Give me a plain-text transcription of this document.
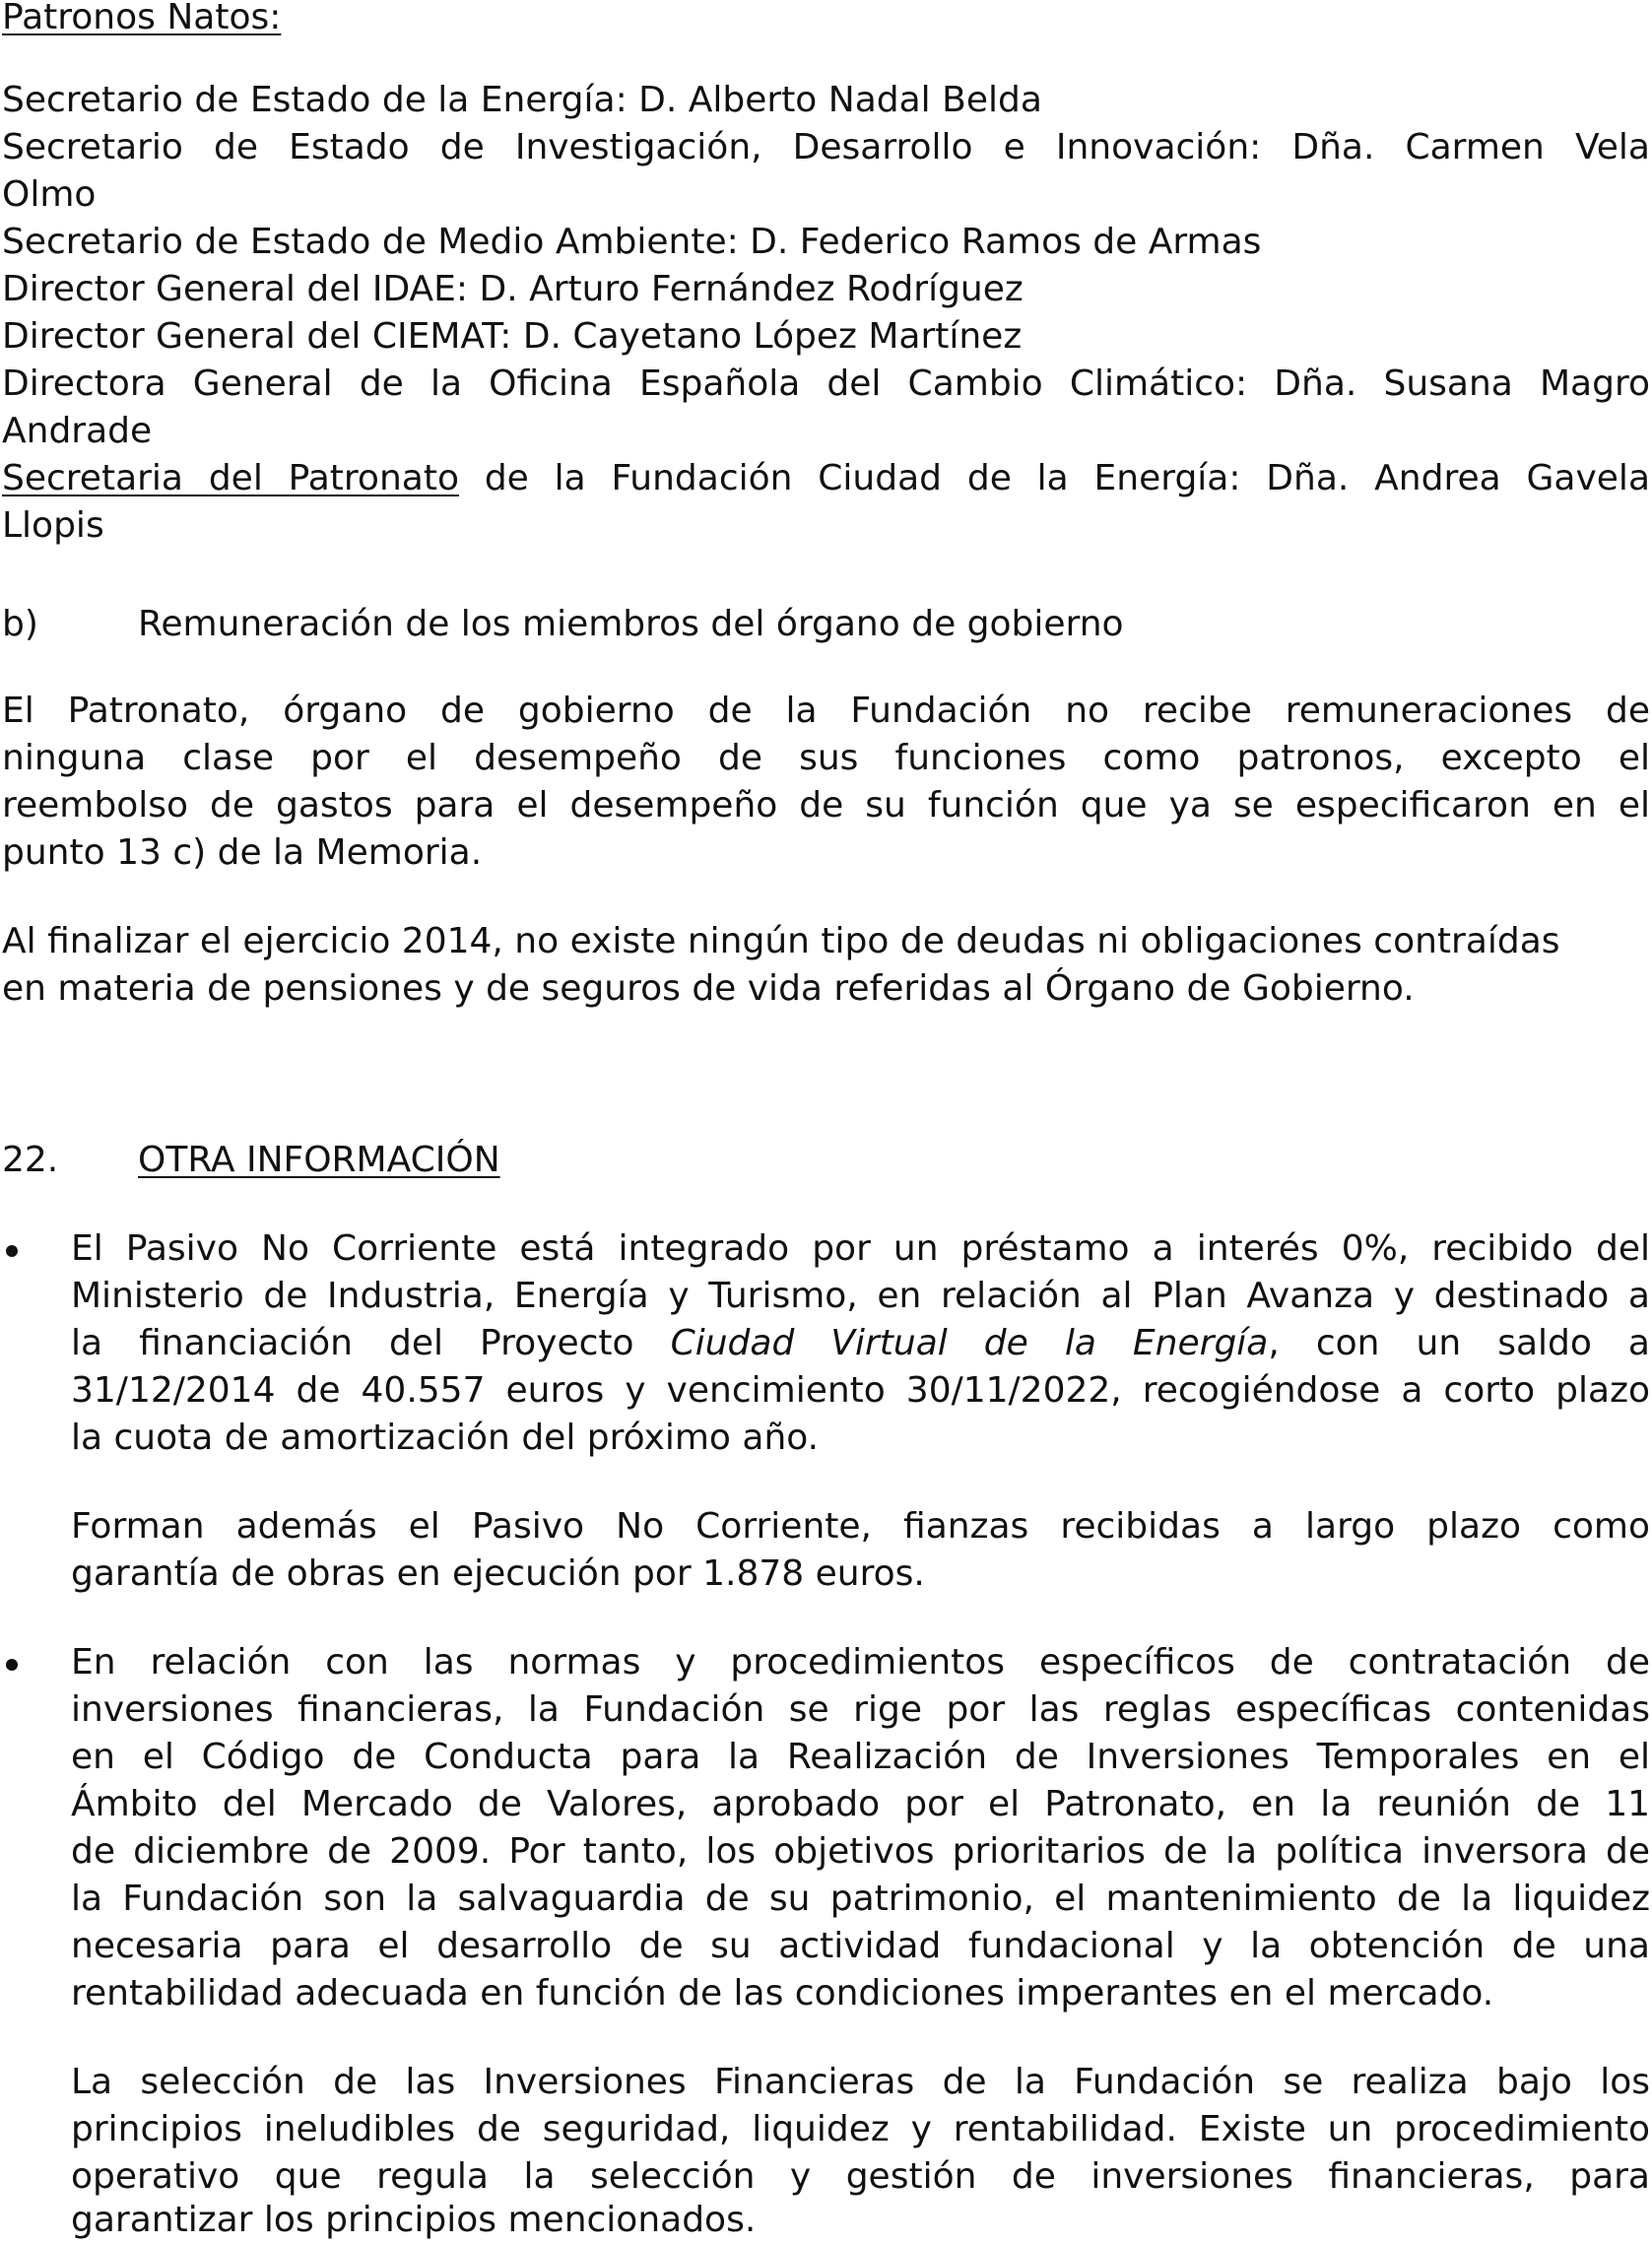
Patronos Natos:
Secretario de Estado de la Energía: D. Alberto Nadal Belda
Secretario de Estado de Investigación, Desarrollo e Innovación: Dña. Carmen Vela
Olmo
Secretario de Estado de Medio Ambiente: D. Federico Ramos de Armas
Director General del IDAE: D. Arturo Fernández Rodríguez
Director General del CIEMAT: D. Cayetano López Martínez
Directora General de la Oficina Española del Cambio Climático: Dña. Susana Magro
Andrade
Secretaria del Patronato de la Fundación Ciudad de la Energía: Dña. Andrea Gavela
Llopis
b)	Remuneración de los miembros del órgano de gobierno
El Patronato, órgano de gobierno de la Fundación no recibe remuneraciones de
ninguna clase por el desempeño de sus funciones como patronos, excepto el
reembolso de gastos para el desempeño de su función que ya se especificaron en el
punto 13 c) de la Memoria.
Al finalizar el ejercicio 2014, no existe ningún tipo de deudas ni obligaciones contraídas
en materia de pensiones y de seguros de vida referidas al Órgano de Gobierno.
22. OTRA INFORMACIÓN
El Pasivo No Corriente está integrado por un préstamo a interés 0%, recibido del
Ministerio de Industria, Energía y Turismo, en relación al Plan Avanza y destinado a
la financiación del Proyecto Ciudad Virtual de la Energía, con un saldo a
31/12/2014 de 40.557 euros y vencimiento 30/11/2022, recogiéndose a corto plazo
la cuota de amortización del próximo año.
Forman además el Pasivo No Corriente, fianzas recibidas a largo plazo como
garantía de obras en ejecución por 1.878 euros.
En relación con las normas y procedimientos específicos de contratación de
inversiones financieras, la Fundación se rige por las reglas específicas contenidas
en el Código de Conducta para la Realización de Inversiones Temporales en el
Ámbito del Mercado de Valores, aprobado por el Patronato, en la reunión de 11
de diciembre de 2009. Por tanto, los objetivos prioritarios de la política inversora de
la Fundación son la salvaguardia de su patrimonio, el mantenimiento de la liquidez
necesaria para el desarrollo de su actividad fundacional y la obtención de una
rentabilidad adecuada en función de las condiciones imperantes en el mercado.
La selección de las Inversiones Financieras de la Fundación se realiza bajo los
principios ineludibles de seguridad, liquidez y rentabilidad. Existe un procedimiento
operativo que regula la selección y gestión de inversiones financieras, para
garantizar los principios mencionados.
